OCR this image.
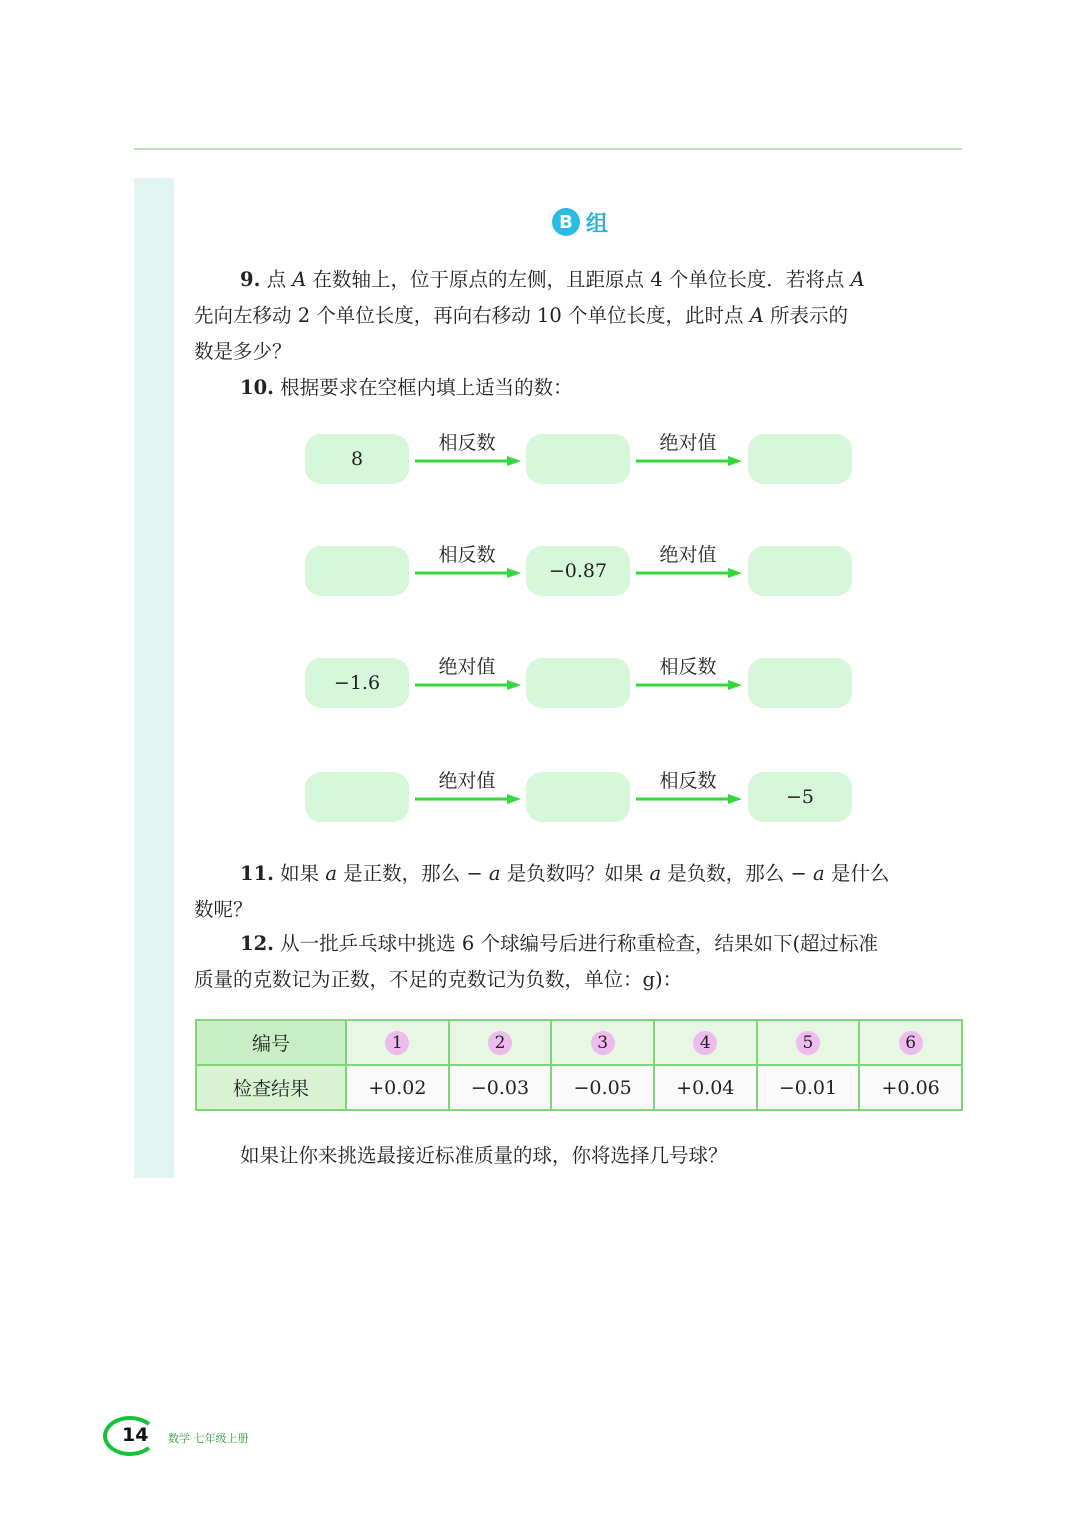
B 组
9. 点 A 在数轴上，位于原点的左侧，且距原点 4 个单位长度．若将点 A
先向左移动 2 个单位长度，再向右移动 10 个单位长度，此时点 A 所表示的
数是多少？
10. 根据要求在空框内填上适当的数：
8
相反数	绝对值
相反数
−0.87
绝对值
−1.6
绝对值	相反数
绝对值	相反数
−5
11. 如果 a 是正数，那么 − a 是负数吗？如果 a 是负数，那么 − a 是什么
数呢？
12. 从一批乒乓球中挑选 6 个球编号后进行称重检查，结果如下(超过标准
质量的克数记为正数，不足的克数记为负数，单位：g)：
编号	1	2	3	4	5	6
检查结果	+0.02	−0.03	−0.05	+0.04	−0.01	+0.06
如果让你来挑选最接近标准质量的球，你将选择几号球？
14 数学 七年级上册
